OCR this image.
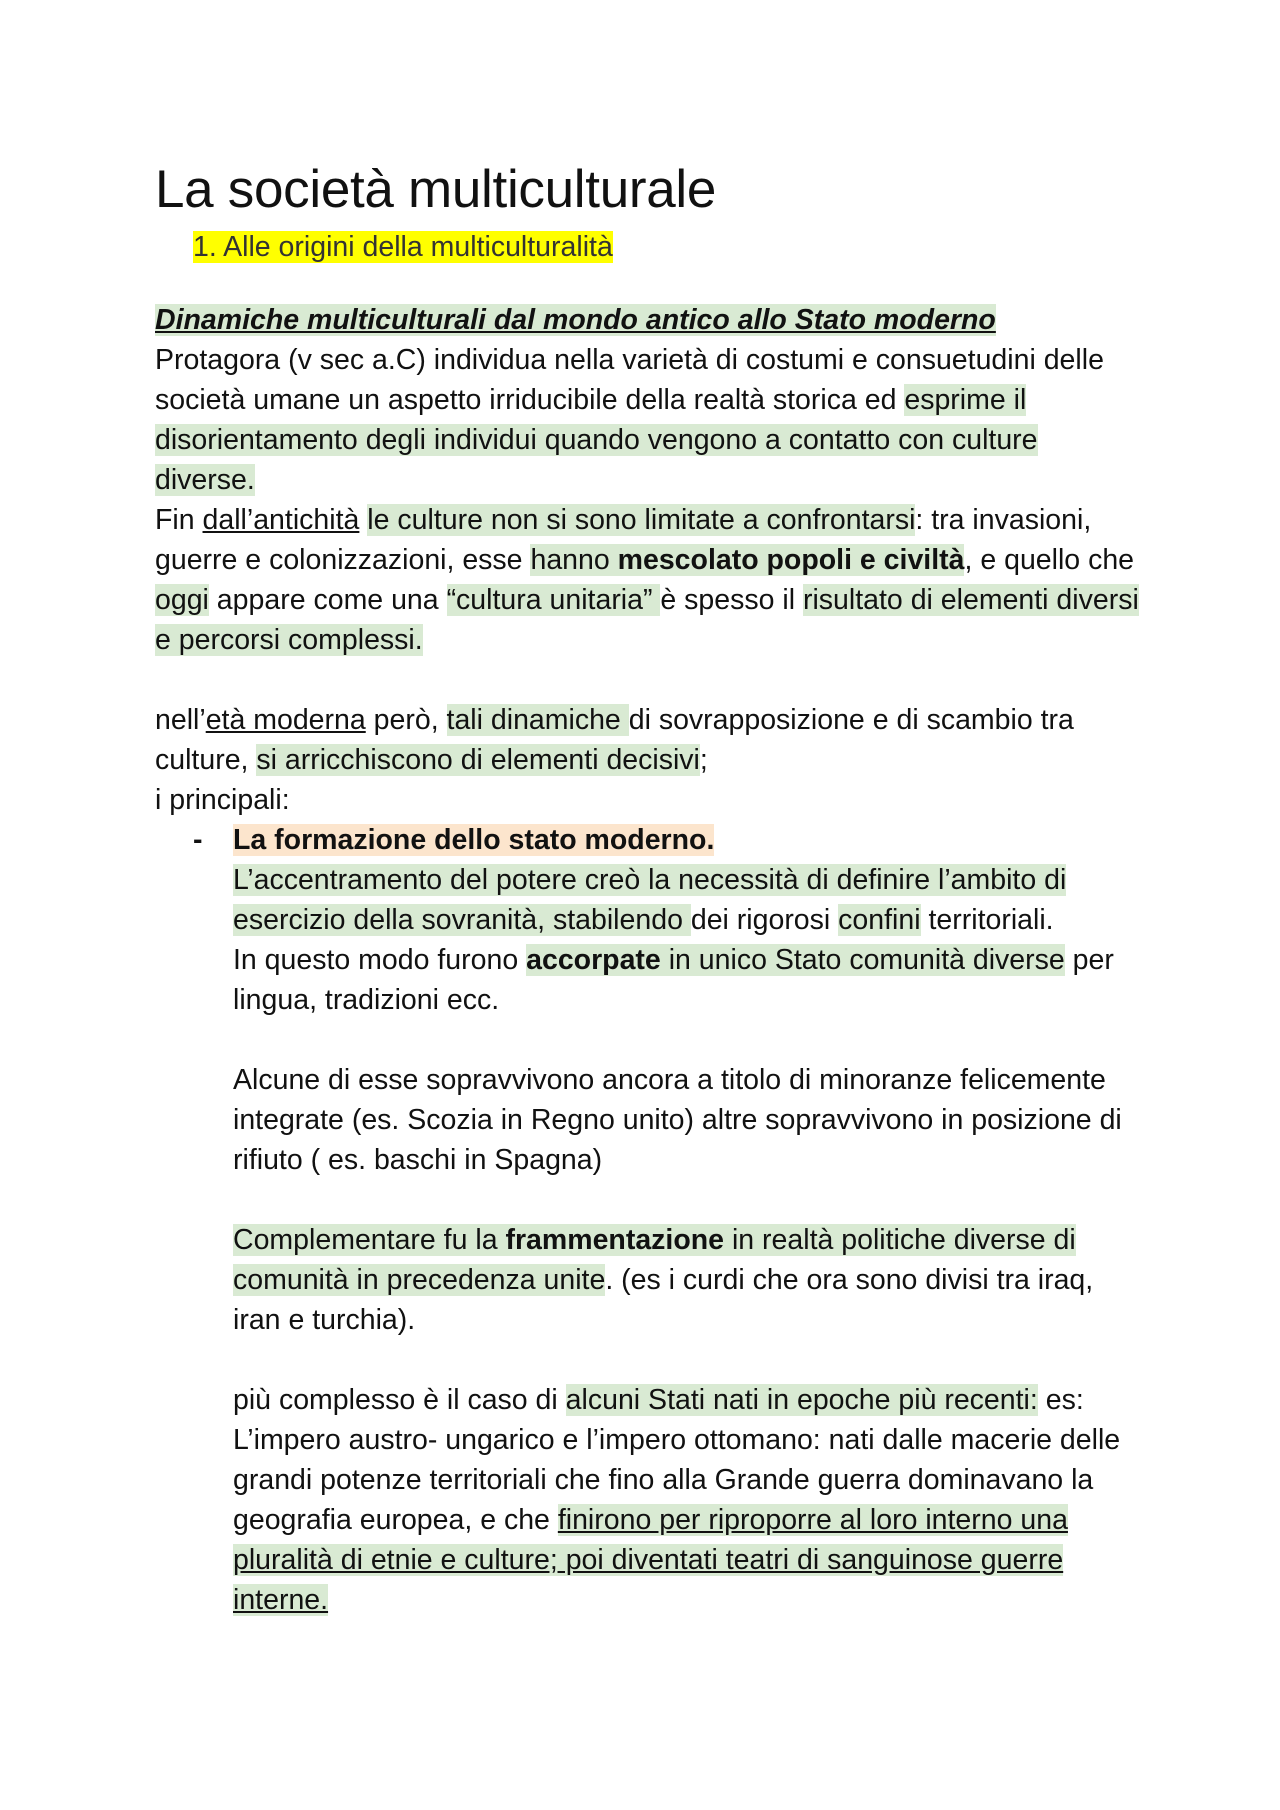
La società multiculturale
1. Alle origini della multiculturalità
Dinamiche multiculturali dal mondo antico allo Stato moderno

Protagora (v sec a.C) individua nella varietà di costumi e consuetudini delle società umane un aspetto irriducibile della realtà storica ed esprime il disorientamento degli individui quando vengono a contatto con culture diverse.

Fin dall’antichità le culture non si sono limitate a confrontarsi: tra invasioni, guerre e colonizzazioni, esse hanno mescolato popoli e civiltà, e quello che oggi appare come una “cultura unitaria” è spesso il risultato di elementi diversi e percorsi complessi.

nell’età moderna però, tali dinamiche di sovrapposizione e di scambio tra culture, si arricchiscono di elementi decisivi;

i principali:

- La formazione dello stato moderno.
L’accentramento del potere creò la necessità di definire l’ambito di esercizio della sovranità, stabilendo dei rigorosi confini territoriali.
In questo modo furono accorpate in unico Stato comunità diverse per lingua, tradizioni ecc.
Alcune di esse sopravvivono ancora a titolo di minoranze felicemente integrate (es. Scozia in Regno unito) altre sopravvivono in posizione di rifiuto ( es. baschi in Spagna)
Complementare fu la frammentazione in realtà politiche diverse di comunità in precedenza unite. (es i curdi che ora sono divisi tra iraq, iran e turchia).
più complesso è il caso di alcuni Stati nati in epoche più recenti: es: L’impero austro- ungarico e l’impero ottomano: nati dalle macerie delle grandi potenze territoriali che fino alla Grande guerra dominavano la geografia europea, e che finirono per riproporre al loro interno una pluralità di etnie e culture; poi diventati teatri di sanguinose guerre interne.
